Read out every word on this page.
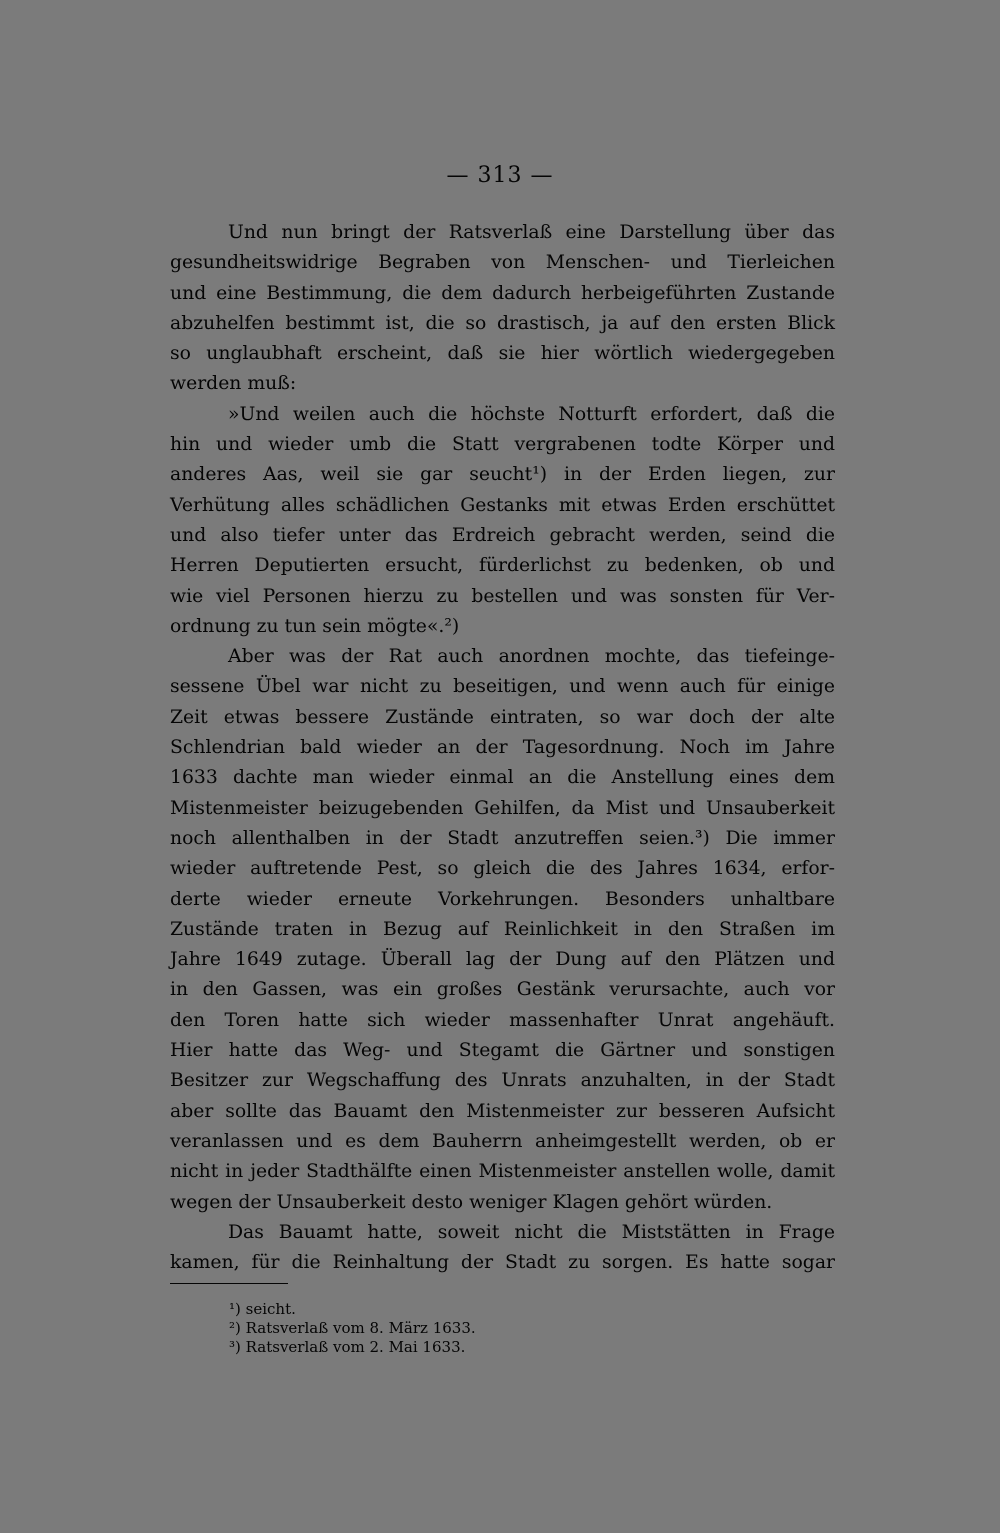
— 313 —
Und nun bringt der Ratsverlaß eine Darstellung über das
gesundheitswidrige Begraben von Menschen- und Tierleichen
und eine Bestimmung, die dem dadurch herbeigeführten Zustande
abzuhelfen bestimmt ist, die so drastisch, ja auf den ersten Blick
so unglaubhaft erscheint, daß sie hier wörtlich wiedergegeben
werden muß:
»Und weilen auch die höchste Notturft erfordert, daß die
hin und wieder umb die Statt vergrabenen todte Körper und
anderes Aas, weil sie gar seucht¹) in der Erden liegen, zur
Verhütung alles schädlichen Gestanks mit etwas Erden erschüttet
und also tiefer unter das Erdreich gebracht werden, seind die
Herren Deputierten ersucht, fürderlichst zu bedenken, ob und
wie viel Personen hierzu zu bestellen und was sonsten für Ver-
ordnung zu tun sein mögte«.²)
Aber was der Rat auch anordnen mochte, das tiefeinge-
sessene Übel war nicht zu beseitigen, und wenn auch für einige
Zeit etwas bessere Zustände eintraten, so war doch der alte
Schlendrian bald wieder an der Tagesordnung. Noch im Jahre
1633 dachte man wieder einmal an die Anstellung eines dem
Mistenmeister beizugebenden Gehilfen, da Mist und Unsauberkeit
noch allenthalben in der Stadt anzutreffen seien.³) Die immer
wieder auftretende Pest, so gleich die des Jahres 1634, erfor-
derte wieder erneute Vorkehrungen. Besonders unhaltbare
Zustände traten in Bezug auf Reinlichkeit in den Straßen im
Jahre 1649 zutage. Überall lag der Dung auf den Plätzen und
in den Gassen, was ein großes Gestänk verursachte, auch vor
den Toren hatte sich wieder massenhafter Unrat angehäuft.
Hier hatte das Weg- und Stegamt die Gärtner und sonstigen
Besitzer zur Wegschaffung des Unrats anzuhalten, in der Stadt
aber sollte das Bauamt den Mistenmeister zur besseren Aufsicht
veranlassen und es dem Bauherrn anheimgestellt werden, ob er
nicht in jeder Stadthälfte einen Mistenmeister anstellen wolle, damit
wegen der Unsauberkeit desto weniger Klagen gehört würden.
Das Bauamt hatte, soweit nicht die Miststätten in Frage
kamen, für die Reinhaltung der Stadt zu sorgen. Es hatte sogar
¹) seicht.
²) Ratsverlaß vom 8. März 1633.
³) Ratsverlaß vom 2. Mai 1633.
